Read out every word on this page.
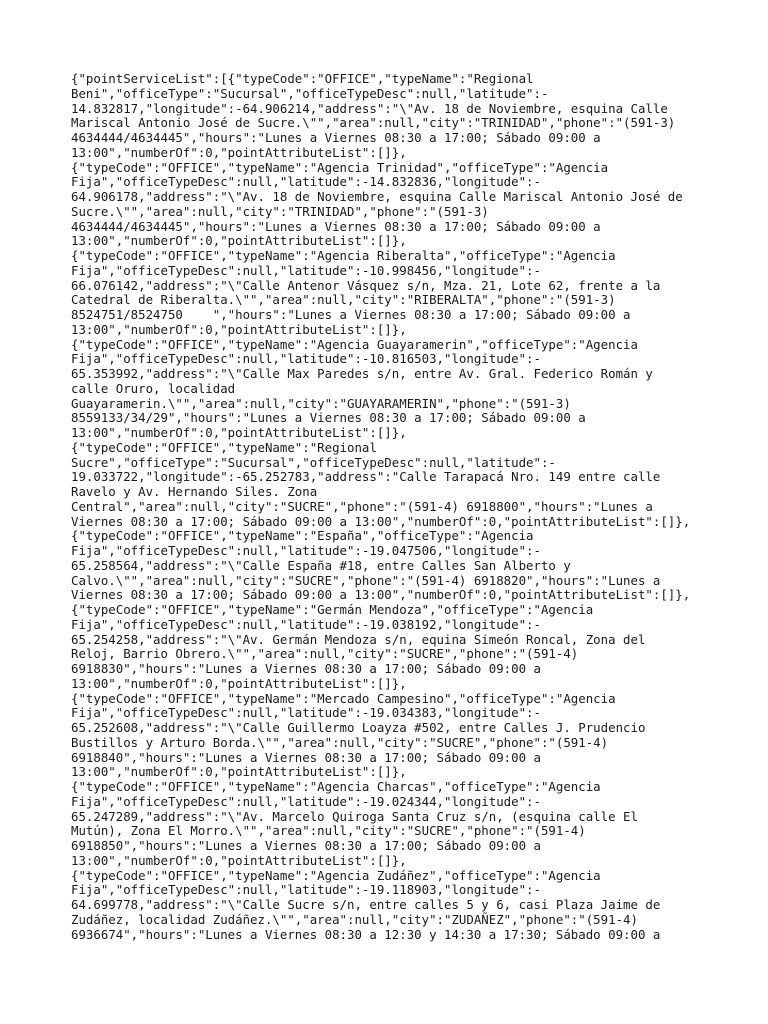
{"pointServiceList":[{"typeCode":"OFFICE","typeName":"Regional
Beni","officeType":"Sucursal","officeTypeDesc":null,"latitude":-
14.832817,"longitude":-64.906214,"address":"\"Av. 18 de Noviembre, esquina Calle
Mariscal Antonio José de Sucre.\"","area":null,"city":"TRINIDAD","phone":"(591-3)
4634444/4634445","hours":"Lunes a Viernes 08:30 a 17:00; Sábado 09:00 a
13:00","numberOf":0,"pointAttributeList":[]},
{"typeCode":"OFFICE","typeName":"Agencia Trinidad","officeType":"Agencia
Fija","officeTypeDesc":null,"latitude":-14.832836,"longitude":-
64.906178,"address":"\"Av. 18 de Noviembre, esquina Calle Mariscal Antonio José de
Sucre.\"","area":null,"city":"TRINIDAD","phone":"(591-3)
4634444/4634445","hours":"Lunes a Viernes 08:30 a 17:00; Sábado 09:00 a
13:00","numberOf":0,"pointAttributeList":[]},
{"typeCode":"OFFICE","typeName":"Agencia Riberalta","officeType":"Agencia
Fija","officeTypeDesc":null,"latitude":-10.998456,"longitude":-
66.076142,"address":"\"Calle Antenor Vásquez s/n, Mza. 21, Lote 62, frente a la
Catedral de Riberalta.\"","area":null,"city":"RIBERALTA","phone":"(591-3)
8524751/8524750    ","hours":"Lunes a Viernes 08:30 a 17:00; Sábado 09:00 a
13:00","numberOf":0,"pointAttributeList":[]},
{"typeCode":"OFFICE","typeName":"Agencia Guayaramerin","officeType":"Agencia
Fija","officeTypeDesc":null,"latitude":-10.816503,"longitude":-
65.353992,"address":"\"Calle Max Paredes s/n, entre Av. Gral. Federico Román y
calle Oruro, localidad
Guayaramerin.\"","area":null,"city":"GUAYARAMERIN","phone":"(591-3)
8559133/34/29","hours":"Lunes a Viernes 08:30 a 17:00; Sábado 09:00 a
13:00","numberOf":0,"pointAttributeList":[]},
{"typeCode":"OFFICE","typeName":"Regional
Sucre","officeType":"Sucursal","officeTypeDesc":null,"latitude":-
19.033722,"longitude":-65.252783,"address":"Calle Tarapacá Nro. 149 entre calle
Ravelo y Av. Hernando Siles. Zona
Central","area":null,"city":"SUCRE","phone":"(591-4) 6918800","hours":"Lunes a
Viernes 08:30 a 17:00; Sábado 09:00 a 13:00","numberOf":0,"pointAttributeList":[]},
{"typeCode":"OFFICE","typeName":"España","officeType":"Agencia
Fija","officeTypeDesc":null,"latitude":-19.047506,"longitude":-
65.258564,"address":"\"Calle España #18, entre Calles San Alberto y
Calvo.\"","area":null,"city":"SUCRE","phone":"(591-4) 6918820","hours":"Lunes a
Viernes 08:30 a 17:00; Sábado 09:00 a 13:00","numberOf":0,"pointAttributeList":[]},
{"typeCode":"OFFICE","typeName":"Germán Mendoza","officeType":"Agencia
Fija","officeTypeDesc":null,"latitude":-19.038192,"longitude":-
65.254258,"address":"\"Av. Germán Mendoza s/n, equina Simeón Roncal, Zona del
Reloj, Barrio Obrero.\"","area":null,"city":"SUCRE","phone":"(591-4)
6918830","hours":"Lunes a Viernes 08:30 a 17:00; Sábado 09:00 a
13:00","numberOf":0,"pointAttributeList":[]},
{"typeCode":"OFFICE","typeName":"Mercado Campesino","officeType":"Agencia
Fija","officeTypeDesc":null,"latitude":-19.034383,"longitude":-
65.252608,"address":"\"Calle Guillermo Loayza #502, entre Calles J. Prudencio
Bustillos y Arturo Borda.\"","area":null,"city":"SUCRE","phone":"(591-4)
6918840","hours":"Lunes a Viernes 08:30 a 17:00; Sábado 09:00 a
13:00","numberOf":0,"pointAttributeList":[]},
{"typeCode":"OFFICE","typeName":"Agencia Charcas","officeType":"Agencia
Fija","officeTypeDesc":null,"latitude":-19.024344,"longitude":-
65.247289,"address":"\"Av. Marcelo Quiroga Santa Cruz s/n, (esquina calle El
Mutún), Zona El Morro.\"","area":null,"city":"SUCRE","phone":"(591-4)
6918850","hours":"Lunes a Viernes 08:30 a 17:00; Sábado 09:00 a
13:00","numberOf":0,"pointAttributeList":[]},
{"typeCode":"OFFICE","typeName":"Agencia Zudáñez","officeType":"Agencia
Fija","officeTypeDesc":null,"latitude":-19.118903,"longitude":-
64.699778,"address":"\"Calle Sucre s/n, entre calles 5 y 6, casi Plaza Jaime de
Zudáñez, localidad Zudáñez.\"","area":null,"city":"ZUDAÑEZ","phone":"(591-4)
6936674","hours":"Lunes a Viernes 08:30 a 12:30 y 14:30 a 17:30; Sábado 09:00 a
